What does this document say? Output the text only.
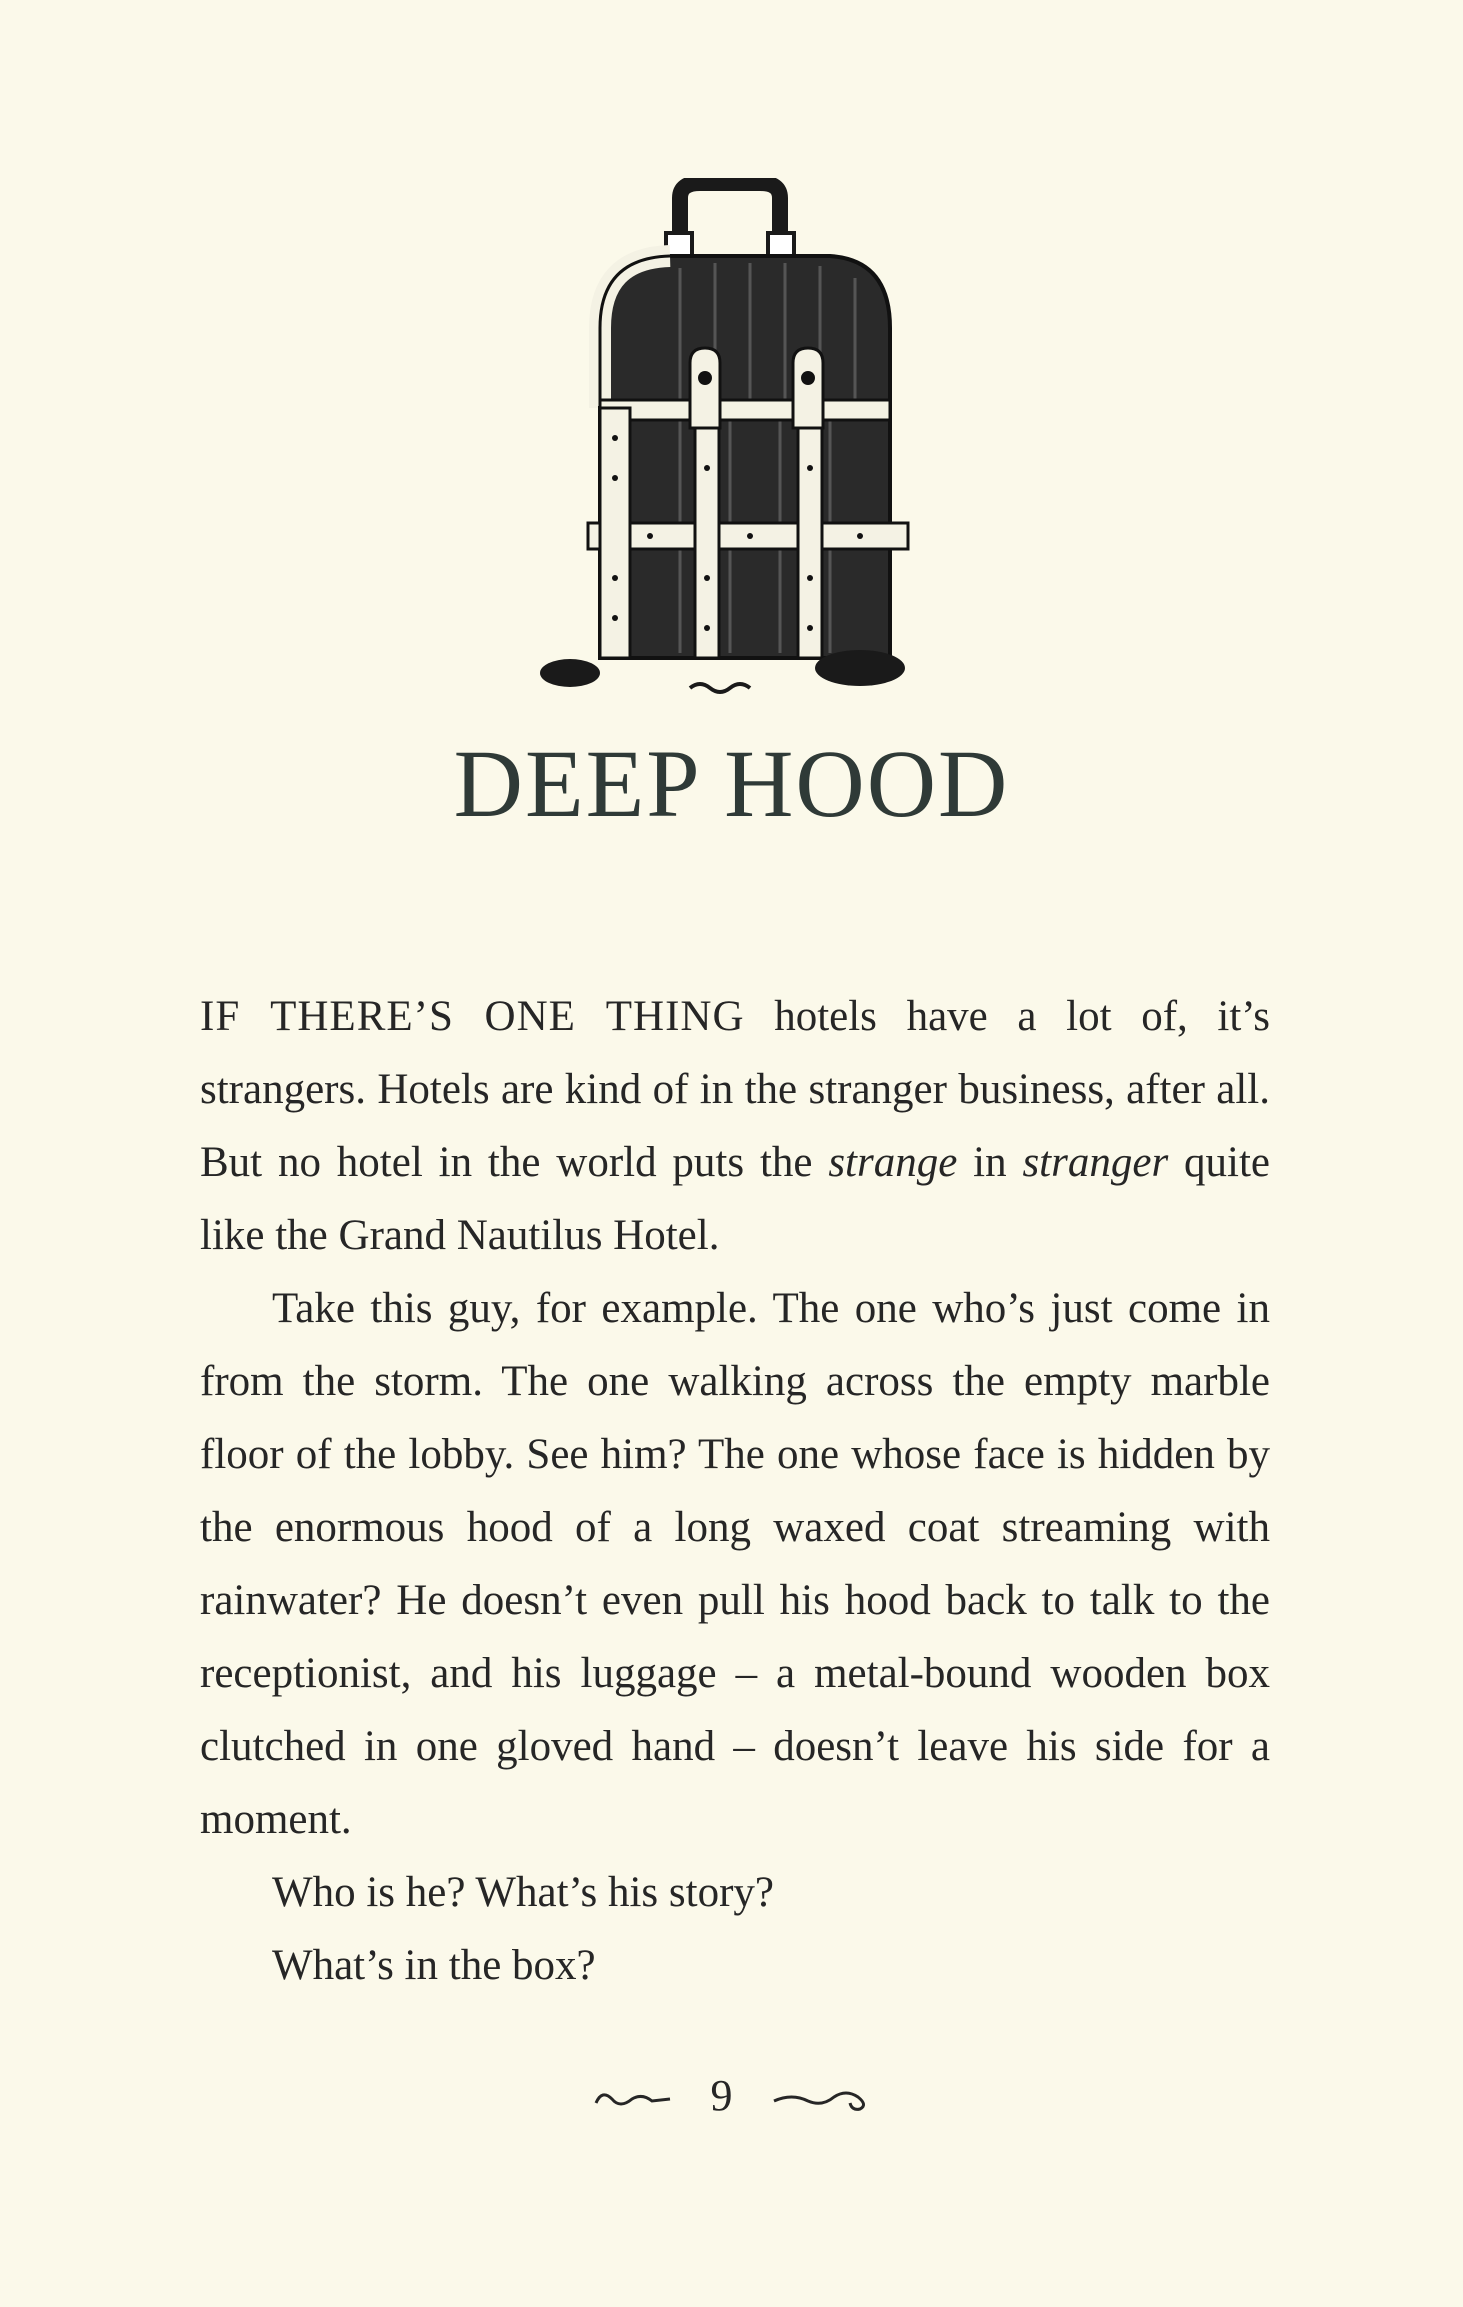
DEEP HOOD

IF THERE’S ONE THING hotels have a lot of, it’s strangers. Hotels are kind of in the stranger business, after all. But no hotel in the world puts the strange in stranger quite like the Grand Nautilus Hotel.

Take this guy, for example. The one who’s just come in from the storm. The one walking across the empty marble floor of the lobby. See him? The one whose face is hidden by the enormous hood of a long waxed coat streaming with rainwater? He doesn’t even pull his hood back to talk to the receptionist, and his luggage – a metal-bound wooden box clutched in one gloved hand – doesn’t leave his side for a moment.

Who is he? What’s his story?

What’s in the box?

9
